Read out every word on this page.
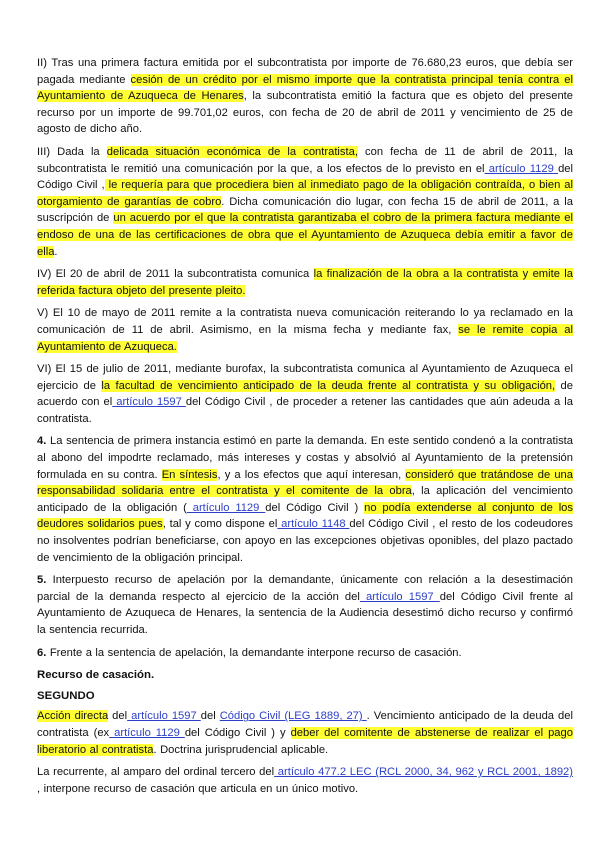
II) Tras una primera factura emitida por el subcontratista por importe de 76.680,23 euros, que debía ser pagada mediante cesión de un crédito por el mismo importe que la contratista principal tenía contra el Ayuntamiento de Azuqueca de Henares, la subcontratista emitió la factura que es objeto del presente recurso por un importe de 99.701,02 euros, con fecha de 20 de abril de 2011 y vencimiento de 25 de agosto de dicho año.

III) Dada la delicada situación económica de la contratista, con fecha de 11 de abril de 2011, la subcontratista le remitió una comunicación por la que, a los efectos de lo previsto en el artículo 1129 del Código Civil , le requería para que procediera bien al inmediato pago de la obligación contraída, o bien al otorgamiento de garantías de cobro. Dicha comunicación dio lugar, con fecha 15 de abril de 2011, a la suscripción de un acuerdo por el que la contratista garantizaba el cobro de la primera factura mediante el endoso de una de las certificaciones de obra que el Ayuntamiento de Azuqueca debía emitir a favor de ella.

IV) El 20 de abril de 2011 la subcontratista comunica la finalización de la obra a la contratista y emite la referida factura objeto del presente pleito.

V) El 10 de mayo de 2011 remite a la contratista nueva comunicación reiterando lo ya reclamado en la comunicación de 11 de abril. Asimismo, en la misma fecha y mediante fax, se le remite copia al Ayuntamiento de Azuqueca.

VI) El 15 de julio de 2011, mediante burofax, la subcontratista comunica al Ayuntamiento de Azuqueca el ejercicio de la facultad de vencimiento anticipado de la deuda frente al contratista y su obligación, de acuerdo con el artículo 1597 del Código Civil , de proceder a retener las cantidades que aún adeuda a la contratista.

4. La sentencia de primera instancia estimó en parte la demanda. En este sentido condenó a la contratista al abono del impodrte reclamado, más intereses y costas y absolvió al Ayuntamiento de la pretensión formulada en su contra. En síntesis, y a los efectos que aquí interesan, consideró que tratándose de una responsabilidad solidaria entre el contratista y el comitente de la obra, la aplicación del vencimiento anticipado de la obligación ( artículo 1129 del Código Civil ) no podía extenderse al conjunto de los deudores solidarios pues, tal y como dispone el artículo 1148 del Código Civil , el resto de los codeudores no insolventes podrían beneficiarse, con apoyo en las excepciones objetivas oponibles, del plazo pactado de vencimiento de la obligación principal.

5. Interpuesto recurso de apelación por la demandante, únicamente con relación a la desestimación parcial de la demanda respecto al ejercicio de la acción del artículo 1597 del Código Civil frente al Ayuntamiento de Azuqueca de Henares, la sentencia de la Audiencia desestimó dicho recurso y confirmó la sentencia recurrida.

6. Frente a la sentencia de apelación, la demandante interpone recurso de casación.

Recurso de casación.
SEGUNDO

Acción directa del artículo 1597 del Código Civil (LEG 1889, 27) . Vencimiento anticipado de la deuda del contratista (ex artículo 1129 del Código Civil ) y deber del comitente de abstenerse de realizar el pago liberatorio al contratista. Doctrina jurisprudencial aplicable.

La recurrente, al amparo del ordinal tercero del artículo 477.2 LEC (RCL 2000, 34, 962 y RCL 2001, 1892) , interpone recurso de casación que articula en un único motivo.
